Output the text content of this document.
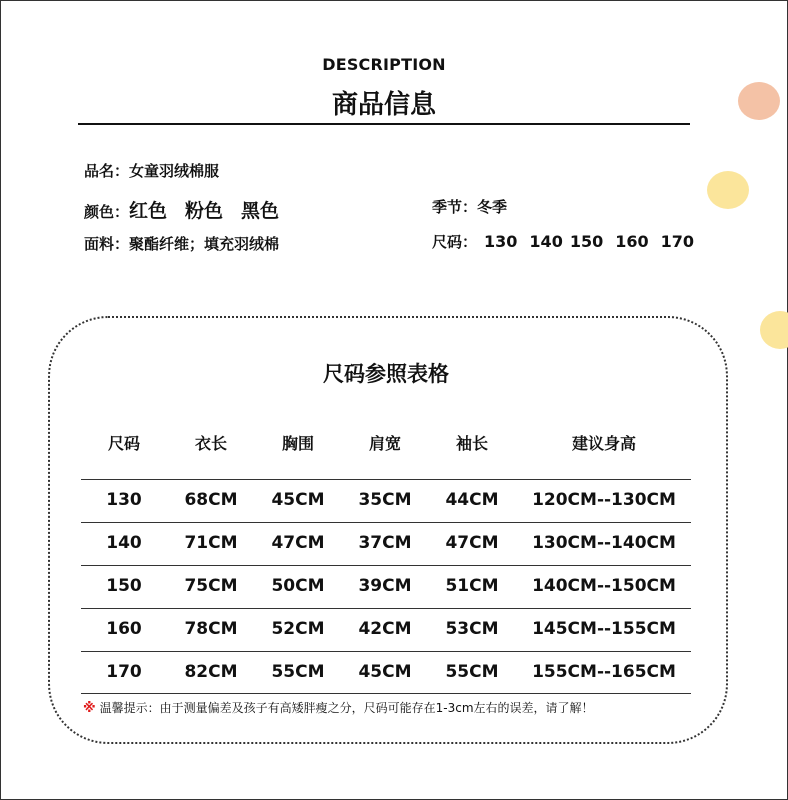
DESCRIPTION
商品信息
品名：女童羽绒棉服
颜色：红色 粉色 黑色	季节：冬季
面料：聚酯纤维；填充羽绒棉	尺码： 130 140 150 160 170
尺码参照表格
尺码	衣长	胸围	肩宽	袖长	建议身高
130	68CM 45CM 35CM 44CM 120CM--130CM
140	71CM 47CM 37CM 47CM 130CM--140CM
150	75CM 50CM 39CM 51CM 140CM--150CM
160	78CM 52CM 42CM 53CM 145CM--155CM
170	82CM 55CM 45CM 55CM 155CM--165CM
※ 温馨提示：由于测量偏差及孩子有高矮胖瘦之分，尺码可能存在1-3cm左右的误差，请了解！
